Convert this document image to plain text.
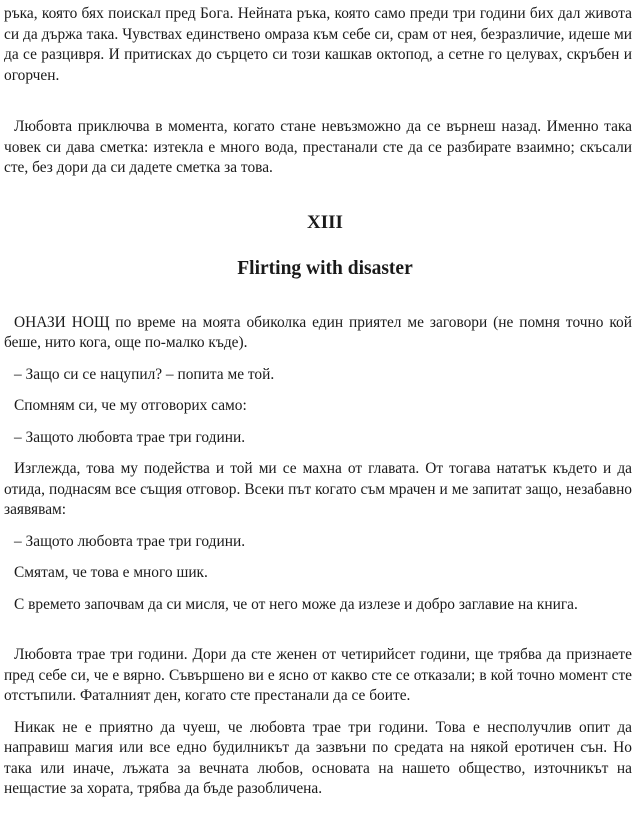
ръка, която бях поискал пред Бога. Нейната ръка, която само преди три години бих дал живота си да държа така. Чувствах единствено омраза към себе си, срам от нея, безразличие, идеше ми да се разцивря. И притисках до сърцето си този кашкав октопод, а сетне го целувах, скръбен и огорчен.

Любовта приключва в момента, когато стане невъзможно да се върнеш назад. Именно така човек си дава сметка: изтекла е много вода, престанали сте да се разбирате взаимно; скъсали сте, без дори да си дадете сметка за това.

XIII
Flirting with disaster

ОНАЗИ НОЩ по време на моята обиколка един приятел ме заговори (не помня точно кой беше, нито кога, още по-малко къде).

– Защо си се нацупил? – попита ме той.

Спомням си, че му отговорих само:

– Защото любовта трае три години.

Изглежда, това му подейства и той ми се махна от главата. От тогава нататък където и да отида, поднасям все същия отговор. Всеки път когато съм мрачен и ме запитат защо, незабавно заявявам:

– Защото любовта трае три години.

Смятам, че това е много шик.

С времето започвам да си мисля, че от него може да излезе и добро заглавие на книга.

Любовта трае три години. Дори да сте женен от четирийсет години, ще трябва да признаете пред себе си, че е вярно. Съвършено ви е ясно от какво сте се отказали; в кой точно момент сте отстъпили. Фаталният ден, когато сте престанали да се боите.

Никак не е приятно да чуеш, че любовта трае три години. Това е несполучлив опит да направиш магия или все едно будилникът да зазвъни по средата на някой еротичен сън. Но така или иначе, лъжата за вечната любов, основата на нашето общество, източникът на нещастие за хората, трябва да бъде разобличена.
